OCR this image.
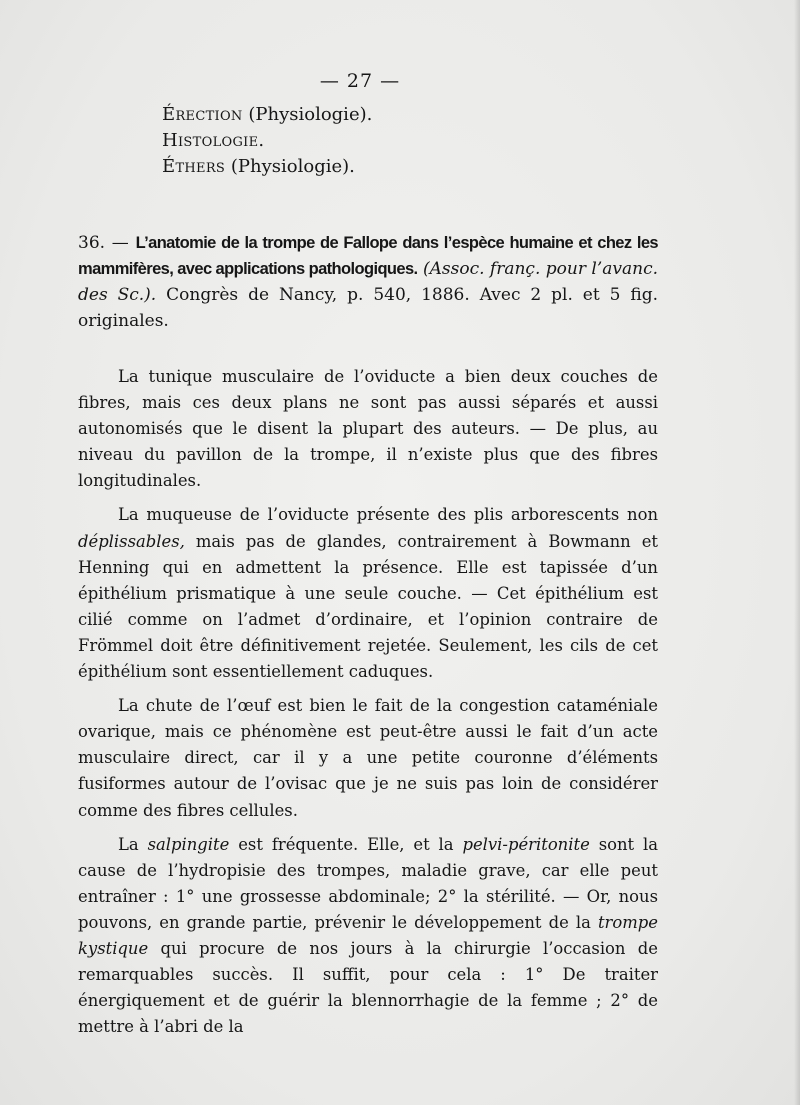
— 27 —
Érection (Physiologie).
Histologie.
Éthers (Physiologie).
36. — L’anatomie de la trompe de Fallope dans l’espèce humaine et chez les mammifères, avec applications pathologiques. (Assoc. franç. pour l’avanc. des Sc.). Congrès de Nancy, p. 540, 1886. Avec 2 pl. et 5 fig. originales.

La tunique musculaire de l’oviducte a bien deux couches de fibres, mais ces deux plans ne sont pas aussi séparés et aussi autonomisés que le disent la plupart des auteurs. — De plus, au niveau du pavillon de la trompe, il n’existe plus que des fibres longitudinales.

La muqueuse de l’oviducte présente des plis arborescents non déplissables, mais pas de glandes, contrairement à Bowmann et Henning qui en admettent la présence. Elle est tapissée d’un épithélium prismatique à une seule couche. — Cet épithélium est cilié comme on l’admet d’ordinaire, et l’opinion contraire de Frömmel doit être définitivement rejetée. Seulement, les cils de cet épithélium sont essentiellement caduques.

La chute de l’œuf est bien le fait de la congestion cataméniale ovarique, mais ce phénomène est peut-être aussi le fait d’un acte musculaire direct, car il y a une petite couronne d’éléments fusiformes autour de l’ovisac que je ne suis pas loin de considérer comme des fibres cellules.

La salpingite est fréquente. Elle, et la pelvi-péritonite sont la cause de l’hydropisie des trompes, maladie grave, car elle peut entraîner : 1° une grossesse abdominale; 2° la stérilité. — Or, nous pouvons, en grande partie, prévenir le développement de la trompe kystique qui procure de nos jours à la chirurgie l’occasion de remarquables succès. Il suffit, pour cela : 1° De traiter énergiquement et de guérir la blennorrhagie de la femme ; 2° de mettre à l’abri de la
